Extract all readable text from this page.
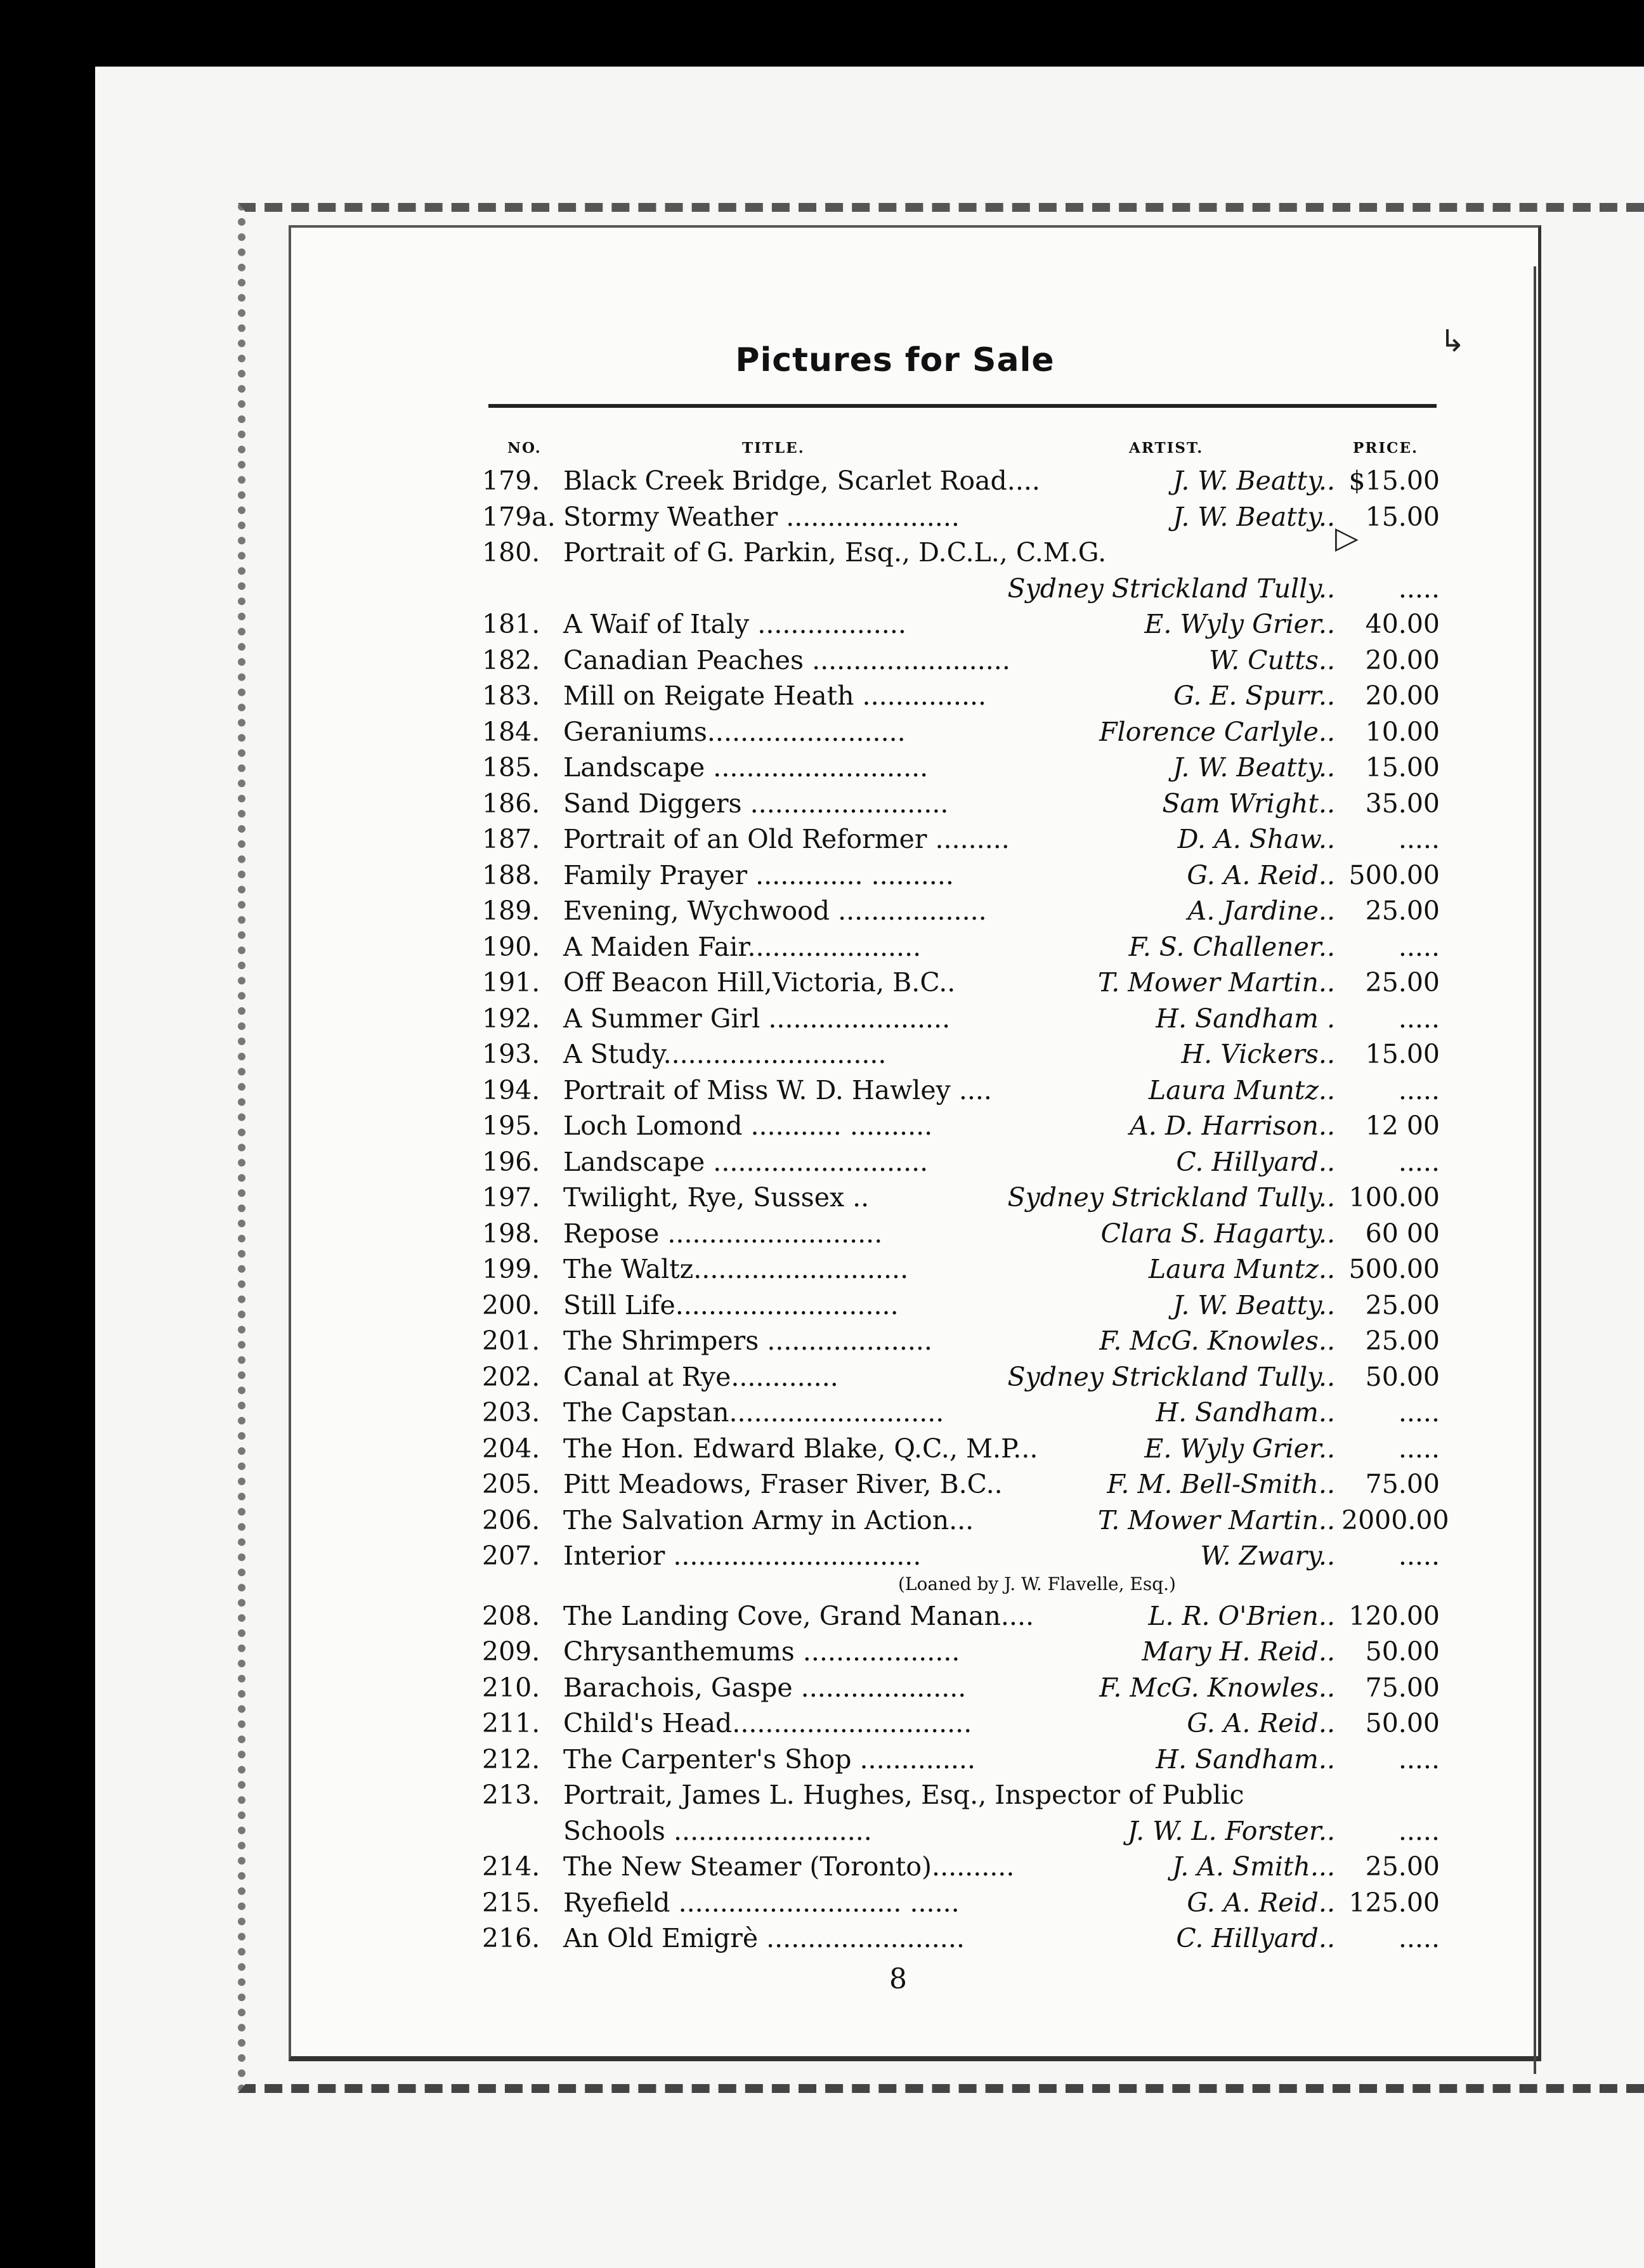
↳
▷
Pictures for Sale
NO.	TITLE.	ARTIST.	PRICE.
179. Black Creek Bridge, Scarlet Road....	J. W. Beatty.. $15.00
179a. Stormy Weather .....................	J. W. Beatty..	15.00
180. Portrait of G. Parkin, Esq., D.C.L., C.M.G.
Sydney Strickland Tully..	.....
181. A Waif of Italy ..................	E. Wyly Grier..	40.00
182. Canadian Peaches ........................	W. Cutts..	20.00
183. Mill on Reigate Heath ...............	G. E. Spurr..	20.00
184. Geraniums........................	Florence Carlyle..	10.00
185. Landscape ..........................	J. W. Beatty..	15.00
186. Sand Diggers ........................	Sam Wright..	35.00
187. Portrait of an Old Reformer .........	D. A. Shaw..	.....
188. Family Prayer ............. ..........	G. A. Reid.. 500.00
189. Evening, Wychwood ..................	A. Jardine..	25.00
190. A Maiden Fair.....................	F. S. Challener..	.....
191. Off Beacon Hill,Victoria, B.C..	T. Mower Martin..	25.00
192. A Summer Girl ......................	H. Sandham .	.....
193. A Study...........................	H. Vickers..	15.00
194. Portrait of Miss W. D. Hawley ....	Laura Muntz..	.....
195. Loch Lomond ........... ..........	A. D. Harrison..	12 00
196. Landscape ..........................	C. Hillyard..	.....
197. Twilight, Rye, Sussex ..	Sydney Strickland Tully.. 100.00
198. Repose ..........................	Clara S. Hagarty..	60 00
199. The Waltz..........................	Laura Muntz.. 500.00
200. Still Life...........................	J. W. Beatty..	25.00
201. The Shrimpers ....................	F. McG. Knowles..	25.00
202. Canal at Rye.............	Sydney Strickland Tully..	50.00
203. The Capstan..........................	H. Sandham..	.....
204. The Hon. Edward Blake, Q.C., M.P...	E. Wyly Grier..	.....
205. Pitt Meadows, Fraser River, B.C..	F. M. Bell-Smith..	75.00
206. The Salvation Army in Action...	T. Mower Martin.. 2000.00
207. Interior ..............................	W. Zwary..	.....
(Loaned by J. W. Flavelle, Esq.)
208. The Landing Cove, Grand Manan....	L. R. O'Brien.. 120.00
209. Chrysanthemums ...................	Mary H. Reid..	50.00
210. Barachois, Gaspe ....................	F. McG. Knowles..	75.00
211. Child's Head.............................	G. A. Reid..	50.00
212. The Carpenter's Shop ..............	H. Sandham..	.....
213. Portrait, James L. Hughes, Esq., Inspector of Public
Schools ........................	J. W. L. Forster..	.....
214. The New Steamer (Toronto)..........	J. A. Smith...	25.00
215. Ryefield ........................... ......	G. A. Reid.. 125.00
216. An Old Emigrè ........................	C. Hillyard..	.....
8
